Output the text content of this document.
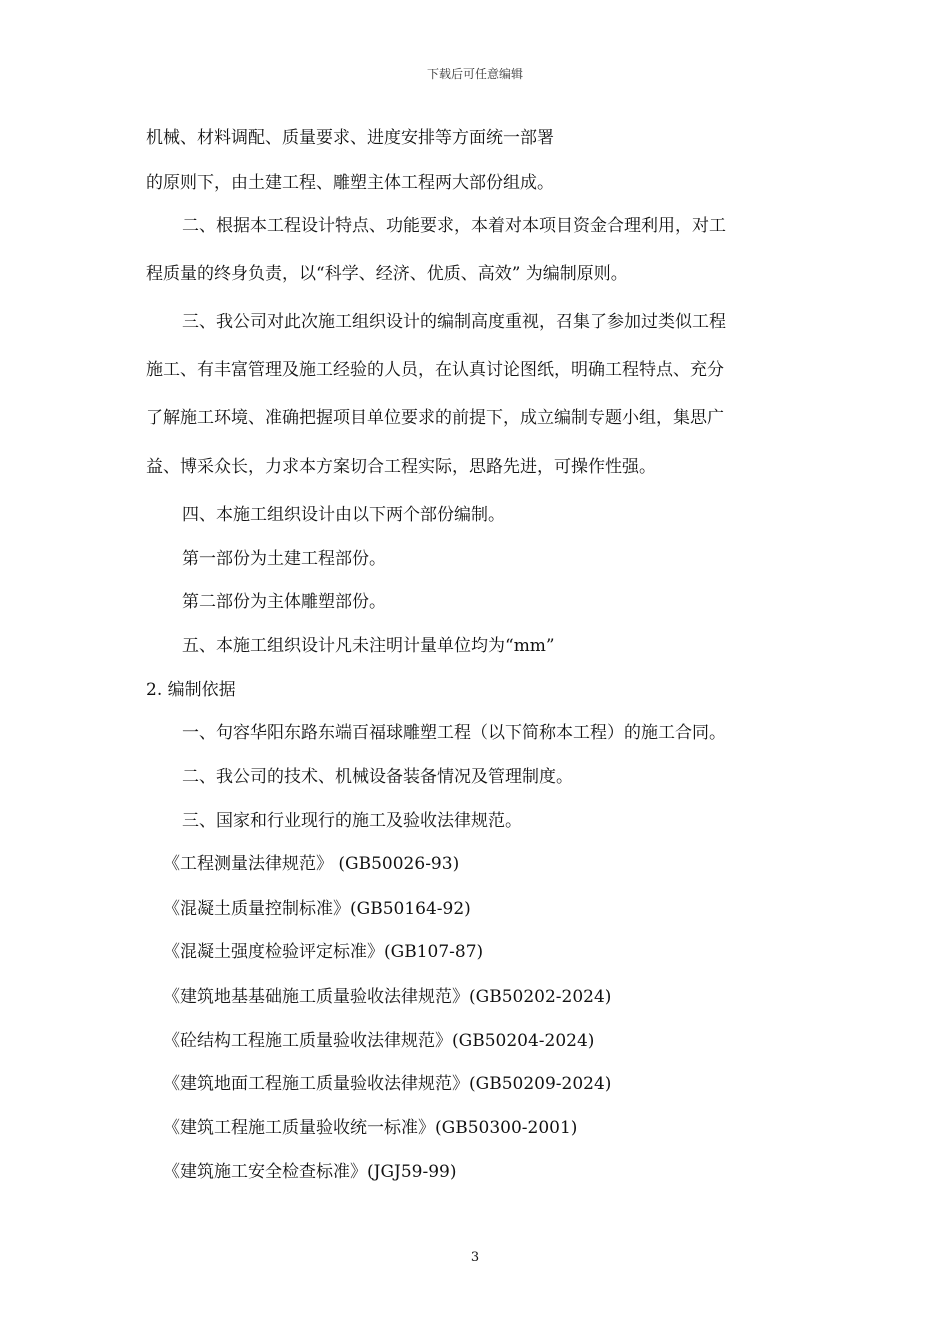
下载后可任意编辑
机械、材料调配、质量要求、进度安排等方面统一部署
的原则下，由土建工程、雕塑主体工程两大部份组成。
二、根据本工程设计特点、功能要求，本着对本项目资金合理利用，对工
程质量的终身负责，以“科学、经济、优质、高效” 为编制原则。
三、我公司对此次施工组织设计的编制高度重视，召集了参加过类似工程
施工、有丰富管理及施工经验的人员，在认真讨论图纸，明确工程特点、充分
了解施工环境、准确把握项目单位要求的前提下，成立编制专题小组，集思广
益、博采众长，力求本方案切合工程实际，思路先进，可操作性强。
四、本施工组织设计由以下两个部份编制。
第一部份为土建工程部份。
第二部份为主体雕塑部份。
五、本施工组织设计凡未注明计量单位均为“mm”
2. 编制依据
一、句容华阳东路东端百福球雕塑工程（以下简称本工程）的施工合同。
二、我公司的技术、机械设备装备情况及管理制度。
三、国家和行业现行的施工及验收法律规范。
《工程测量法律规范》 (GB50026-93)
《混凝土质量控制标准》(GB50164-92)
《混凝土强度检验评定标准》(GB107-87)
《建筑地基基础施工质量验收法律规范》(GB50202-2024)
《砼结构工程施工质量验收法律规范》(GB50204-2024)
《建筑地面工程施工质量验收法律规范》(GB50209-2024)
《建筑工程施工质量验收统一标准》(GB50300-2001)
《建筑施工安全检查标准》(JGJ59-99)
3
